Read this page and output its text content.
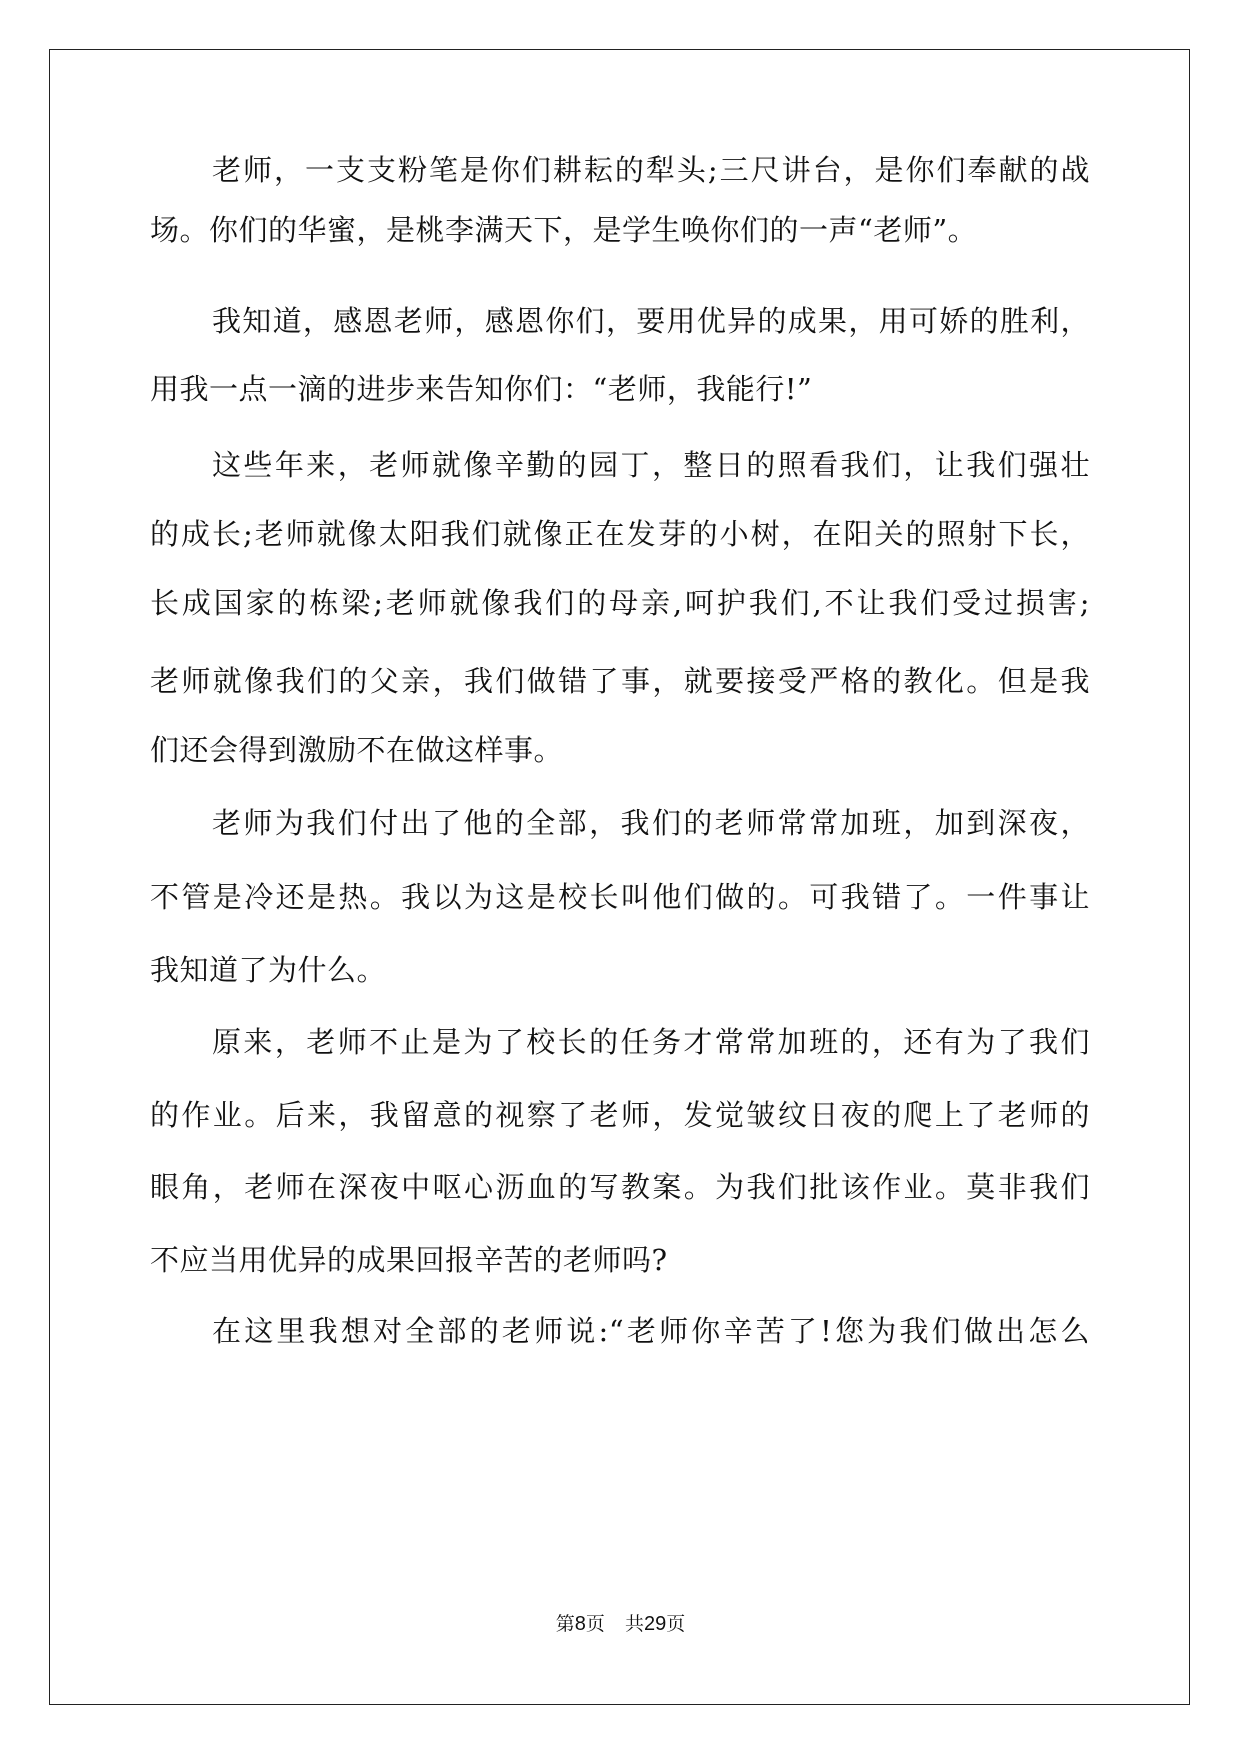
老师，一支支粉笔是你们耕耘的犁头;三尺讲台，是你们奉献的战
场。你们的华蜜，是桃李满天下，是学生唤你们的一声“老师”。
我知道，感恩老师，感恩你们，要用优异的成果，用可娇的胜利，
用我一点一滴的进步来告知你们：“老师，我能行!”
这些年来，老师就像辛勤的园丁，整日的照看我们，让我们强壮
的成长;老师就像太阳我们就像正在发芽的小树，在阳关的照射下长，
长成国家的栋梁;老师就像我们的母亲,呵护我们,不让我们受过损害;
老师就像我们的父亲，我们做错了事，就要接受严格的教化。但是我
们还会得到激励不在做这样事。
老师为我们付出了他的全部，我们的老师常常加班，加到深夜，
不管是冷还是热。我以为这是校长叫他们做的。可我错了。一件事让
我知道了为什么。
原来，老师不止是为了校长的任务才常常加班的，还有为了我们
的作业。后来，我留意的视察了老师，发觉皱纹日夜的爬上了老师的
眼角，老师在深夜中呕心沥血的写教案。为我们批该作业。莫非我们
不应当用优异的成果回报辛苦的老师吗?
在这里我想对全部的老师说:“老师你辛苦了!您为我们做出怎么
第8页 共29页
